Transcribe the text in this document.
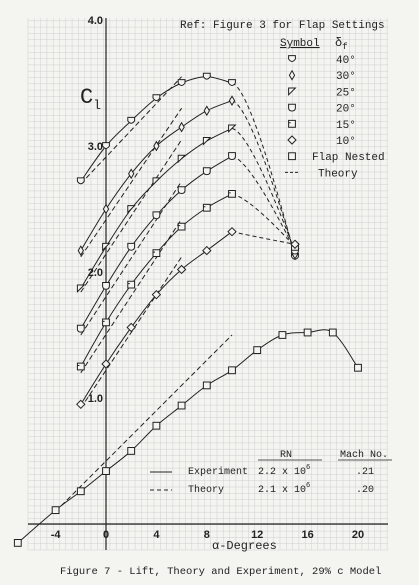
-4	0	4	8	12	16	20
1.0
2.0
3.0
4.0
$C_l$
α-Degrees
Ref: Figure 3 for Flap Settings
Symbol $\delta_f$
40°
30°
25°
20°
15°
10°
Flap Nested
Theory
RN	Mach No.
Experiment 2.2 x $10^6$	.21
Theory	2.1 x $10^6$	.20
Figure 7 - Lift, Theory and Experiment, 29% c Model
